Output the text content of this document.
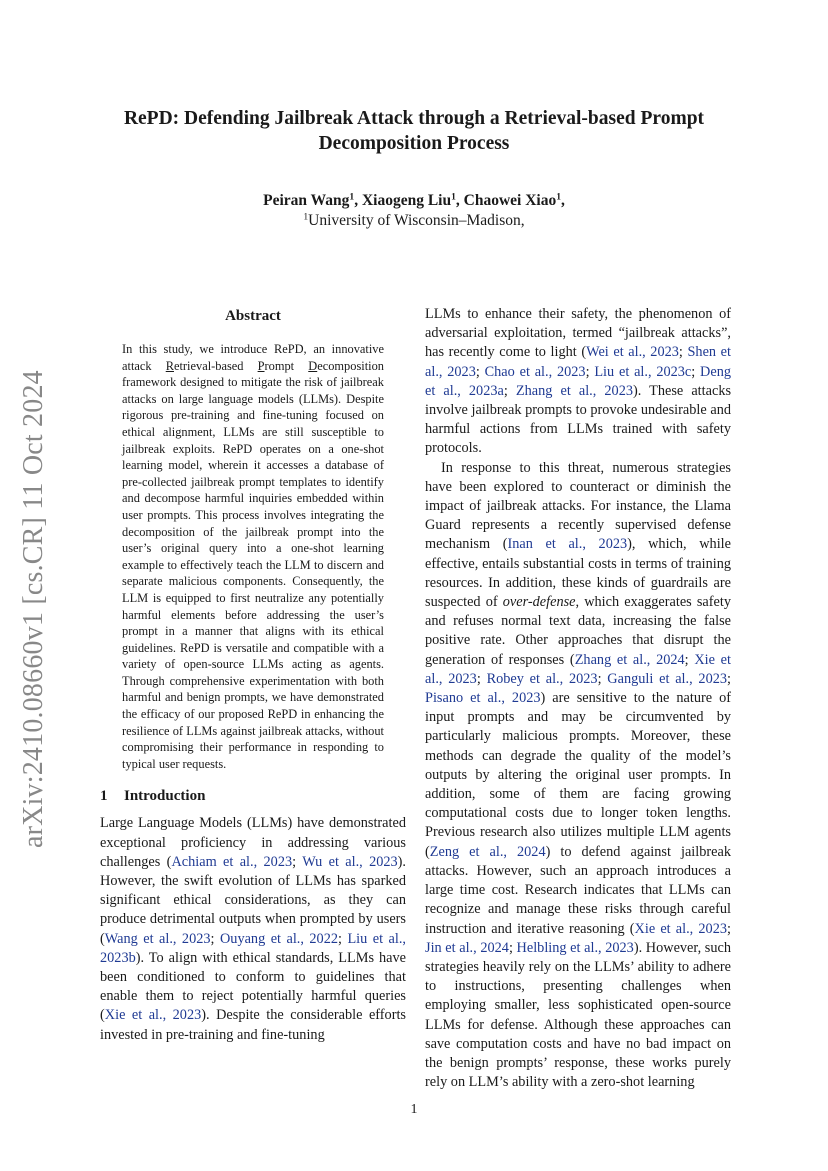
arXiv:2410.08660v1 [cs.CR] 11 Oct 2024
RePD: Defending Jailbreak Attack through a Retrieval-based Prompt Decomposition Process
Peiran Wang$^1$, Xiaogeng Liu$^1$, Chaowei Xiao$^1$,
$^1$University of Wisconsin–Madison,
Abstract

In this study, we introduce RePD, an innovative attack Retrieval-based Prompt Decomposition framework designed to mitigate the risk of jailbreak attacks on large language models (LLMs). Despite rigorous pre-training and fine-tuning focused on ethical alignment, LLMs are still susceptible to jailbreak exploits. RePD operates on a one-shot learning model, wherein it accesses a database of pre-collected jailbreak prompt templates to identify and decompose harmful inquiries embedded within user prompts. This process involves integrating the decomposition of the jailbreak prompt into the user’s original query into a one-shot learning example to effectively teach the LLM to discern and separate malicious components. Consequently, the LLM is equipped to first neutralize any potentially harmful elements before addressing the user’s prompt in a manner that aligns with its ethical guidelines. RePD is versatile and compatible with a variety of open-source LLMs acting as agents. Through comprehensive experimentation with both harmful and benign prompts, we have demonstrated the efficacy of our proposed RePD in enhancing the resilience of LLMs against jailbreak attacks, without compromising their performance in responding to typical user requests.

1 Introduction

Large Language Models (LLMs) have demonstrated exceptional proficiency in addressing various challenges (Achiam et al., 2023; Wu et al., 2023). However, the swift evolution of LLMs has sparked significant ethical considerations, as they can produce detrimental outputs when prompted by users (Wang et al., 2023; Ouyang et al., 2022; Liu et al., 2023b). To align with ethical standards, LLMs have been conditioned to conform to guidelines that enable them to reject potentially harmful queries (Xie et al., 2023). Despite the considerable efforts invested in pre-training and fine-tuning

LLMs to enhance their safety, the phenomenon of adversarial exploitation, termed “jailbreak attacks”, has recently come to light (Wei et al., 2023; Shen et al., 2023; Chao et al., 2023; Liu et al., 2023c; Deng et al., 2023a; Zhang et al., 2023). These attacks involve jailbreak prompts to provoke undesirable and harmful actions from LLMs trained with safety protocols.

In response to this threat, numerous strategies have been explored to counteract or diminish the impact of jailbreak attacks. For instance, the Llama Guard represents a recently supervised defense mechanism (Inan et al., 2023), which, while effective, entails substantial costs in terms of training resources. In addition, these kinds of guardrails are suspected of over-defense, which exaggerates safety and refuses normal text data, increasing the false positive rate. Other approaches that disrupt the generation of responses (Zhang et al., 2024; Xie et al., 2023; Robey et al., 2023; Ganguli et al., 2023; Pisano et al., 2023) are sensitive to the nature of input prompts and may be circumvented by particularly malicious prompts. Moreover, these methods can degrade the quality of the model’s outputs by altering the original user prompts. In addition, some of them are facing growing computational costs due to longer token lengths. Previous research also utilizes multiple LLM agents (Zeng et al., 2024) to defend against jailbreak attacks. However, such an approach introduces a large time cost. Research indicates that LLMs can recognize and manage these risks through careful instruction and iterative reasoning (Xie et al., 2023; Jin et al., 2024; Helbling et al., 2023). However, such strategies heavily rely on the LLMs’ ability to adhere to instructions, presenting challenges when employing smaller, less sophisticated open-source LLMs for defense. Although these approaches can save computation costs and have no bad impact on the benign prompts’ response, these works purely rely on LLM’s ability with a zero-shot learning

1
